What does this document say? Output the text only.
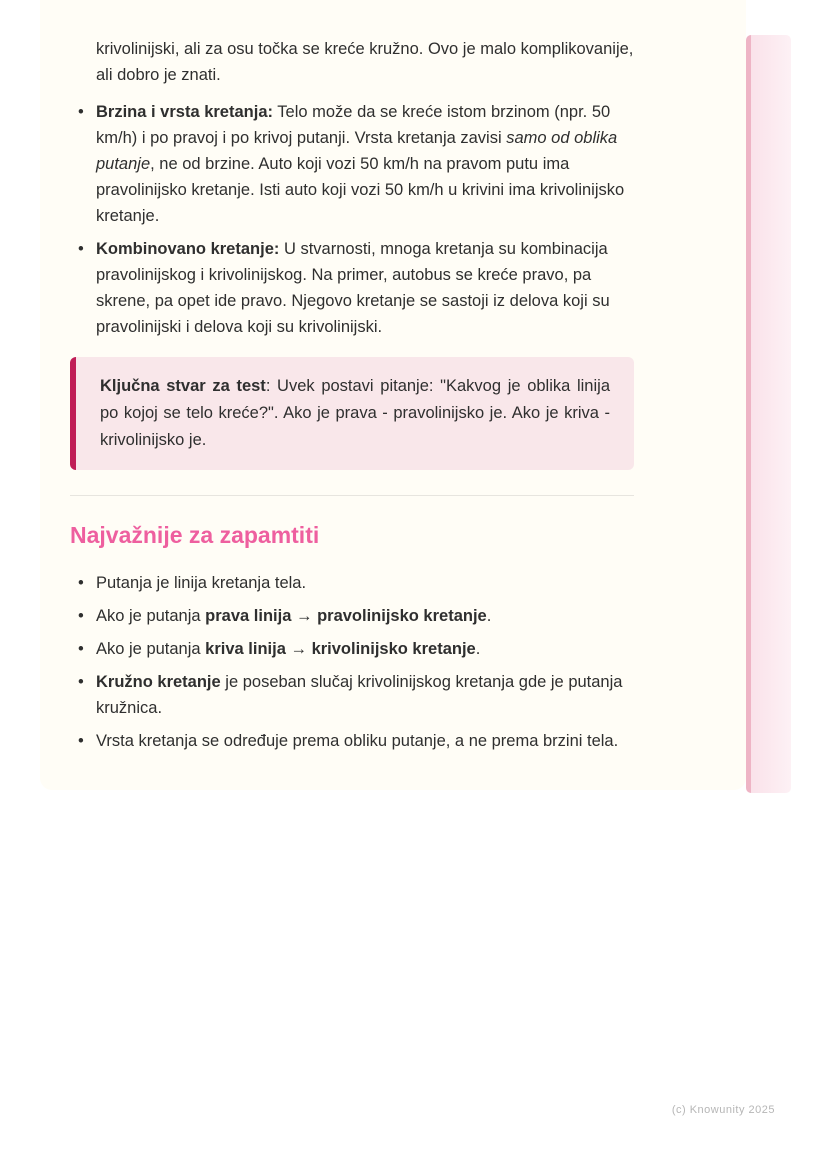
krivolinijski, ali za osu točka se kreće kružno. Ovo je malo komplikovanije, ali dobro je znati.

• Brzina i vrsta kretanja: Telo može da se kreće istom brzinom (npr. 50 km/h) i po pravoj i po krivoj putanji. Vrsta kretanja zavisi samo od oblika putanje, ne od brzine. Auto koji vozi 50 km/h na pravom putu ima pravolinijsko kretanje. Isti auto koji vozi 50 km/h u krivini ima krivolinijsko kretanje.
• Kombinovano kretanje: U stvarnosti, mnoga kretanja su kombinacija pravolinijskog i krivolinijskog. Na primer, autobus se kreće pravo, pa skrene, pa opet ide pravo. Njegovo kretanje se sastoji iz delova koji su pravolinijski i delova koji su krivolinijski.
Ključna stvar za test: Uvek postavi pitanje: "Kakvog je oblika linija po kojoj se telo kreće?". Ako je prava - pravolinijsko je. Ako je kriva - krivolinijsko je.
Najvažnije za zapamtiti
• Putanja je linija kretanja tela.
• Ako je putanja prava linija → pravolinijsko kretanje.
• Ako je putanja kriva linija → krivolinijsko kretanje.
• Kružno kretanje je poseban slučaj krivolinijskog kretanja gde je putanja kružnica.
• Vrsta kretanja se određuje prema obliku putanje, a ne prema brzini tela.
(c) Knowunity 2025
